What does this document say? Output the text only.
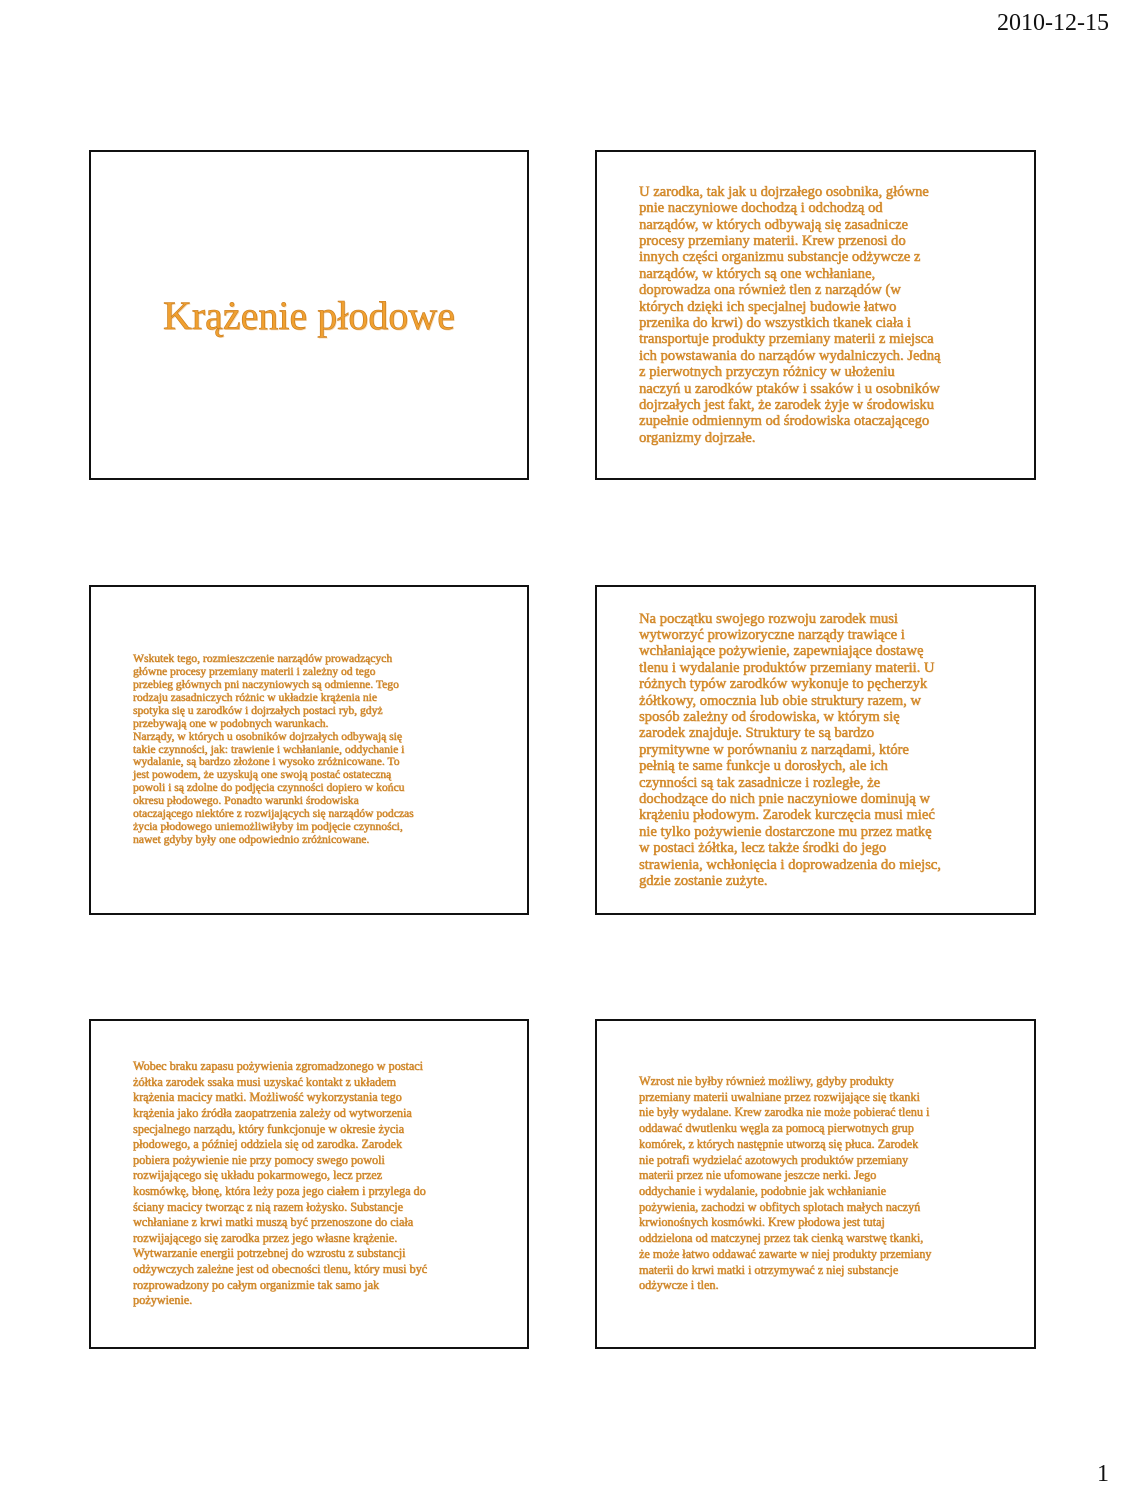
2010-12-15
Krążenie płodowe
U zarodka, tak jak u dojrzałego osobnika, główne
pnie naczyniowe dochodzą i odchodzą od
narządów, w których odbywają się zasadnicze
procesy przemiany materii. Krew przenosi do
innych części organizmu substancje odżywcze z
narządów, w których są one wchłaniane,
doprowadza ona również tlen z narządów (w
których dzięki ich specjalnej budowie łatwo
przenika do krwi) do wszystkich tkanek ciała i
transportuje produkty przemiany materii z miejsca
ich powstawania do narządów wydalniczych. Jedną
z pierwotnych przyczyn różnicy w ułożeniu
naczyń u zarodków ptaków i ssaków i u osobników
dojrzałych jest fakt, że zarodek żyje w środowisku
zupełnie odmiennym od środowiska otaczającego
organizmy dojrzałe.
Wskutek tego, rozmieszczenie narządów prowadzących
główne procesy przemiany materii i zależny od tego
przebieg głównych pni naczyniowych są odmienne. Tego
rodzaju zasadniczych różnic w układzie krążenia nie
spotyka się u zarodków i dojrzałych postaci ryb, gdyż
przebywają one w podobnych warunkach.
Narządy, w których u osobników dojrzałych odbywają się
takie czynności, jak: trawienie i wchłanianie, oddychanie i
wydalanie, są bardzo złożone i wysoko zróżnicowane. To
jest powodem, że uzyskują one swoją postać ostateczną
powoli i są zdolne do podjęcia czynności dopiero w końcu
okresu płodowego. Ponadto warunki środowiska
otaczającego niektóre z rozwijających się narządów podczas
życia płodowego uniemożliwiłyby im podjęcie czynności,
nawet gdyby były one odpowiednio zróżnicowane.
Na początku swojego rozwoju zarodek musi
wytworzyć prowizoryczne narządy trawiące i
wchłaniające pożywienie, zapewniające dostawę
tlenu i wydalanie produktów przemiany materii. U
różnych typów zarodków wykonuje to pęcherzyk
żółtkowy, omocznia lub obie struktury razem, w
sposób zależny od środowiska, w którym się
zarodek znajduje. Struktury te są bardzo
prymitywne w porównaniu z narządami, które
pełnią te same funkcje u dorosłych, ale ich
czynności są tak zasadnicze i rozległe, że
dochodzące do nich pnie naczyniowe dominują w
krążeniu płodowym. Zarodek kurczęcia musi mieć
nie tylko pożywienie dostarczone mu przez matkę
w postaci żółtka, lecz także środki do jego
strawienia, wchłonięcia i doprowadzenia do miejsc,
gdzie zostanie zużyte.
Wobec braku zapasu pożywienia zgromadzonego w postaci
żółtka zarodek ssaka musi uzyskać kontakt z układem
krążenia macicy matki. Możliwość wykorzystania tego
krążenia jako źródła zaopatrzenia zależy od wytworzenia
specjalnego narządu, który funkcjonuje w okresie życia
płodowego, a później oddziela się od zarodka. Zarodek
pobiera pożywienie nie przy pomocy swego powoli
rozwijającego się układu pokarmowego, lecz przez
kosmówkę, błonę, która leży poza jego ciałem i przylega do
ściany macicy tworząc z nią razem łożysko. Substancje
wchłaniane z krwi matki muszą być przenoszone do ciała
rozwijającego się zarodka przez jego własne krążenie.
Wytwarzanie energii potrzebnej do wzrostu z substancji
odżywczych zależne jest od obecności tlenu, który musi być
rozprowadzony po całym organizmie tak samo jak
pożywienie.
Wzrost nie byłby również możliwy, gdyby produkty
przemiany materii uwalniane przez rozwijające się tkanki
nie były wydalane. Krew zarodka nie może pobierać tlenu i
oddawać dwutlenku węgla za pomocą pierwotnych grup
komórek, z których następnie utworzą się płuca. Zarodek
nie potrafi wydzielać azotowych produktów przemiany
materii przez nie ufomowane jeszcze nerki. Jego
oddychanie i wydalanie, podobnie jak wchłanianie
pożywienia, zachodzi w obfitych splotach małych naczyń
krwionośnych kosmówki. Krew płodowa jest tutaj
oddzielona od matczynej przez tak cienką warstwę tkanki,
że może łatwo oddawać zawarte w niej produkty przemiany
materii do krwi matki i otrzymywać z niej substancje
odżywcze i tlen.
1
